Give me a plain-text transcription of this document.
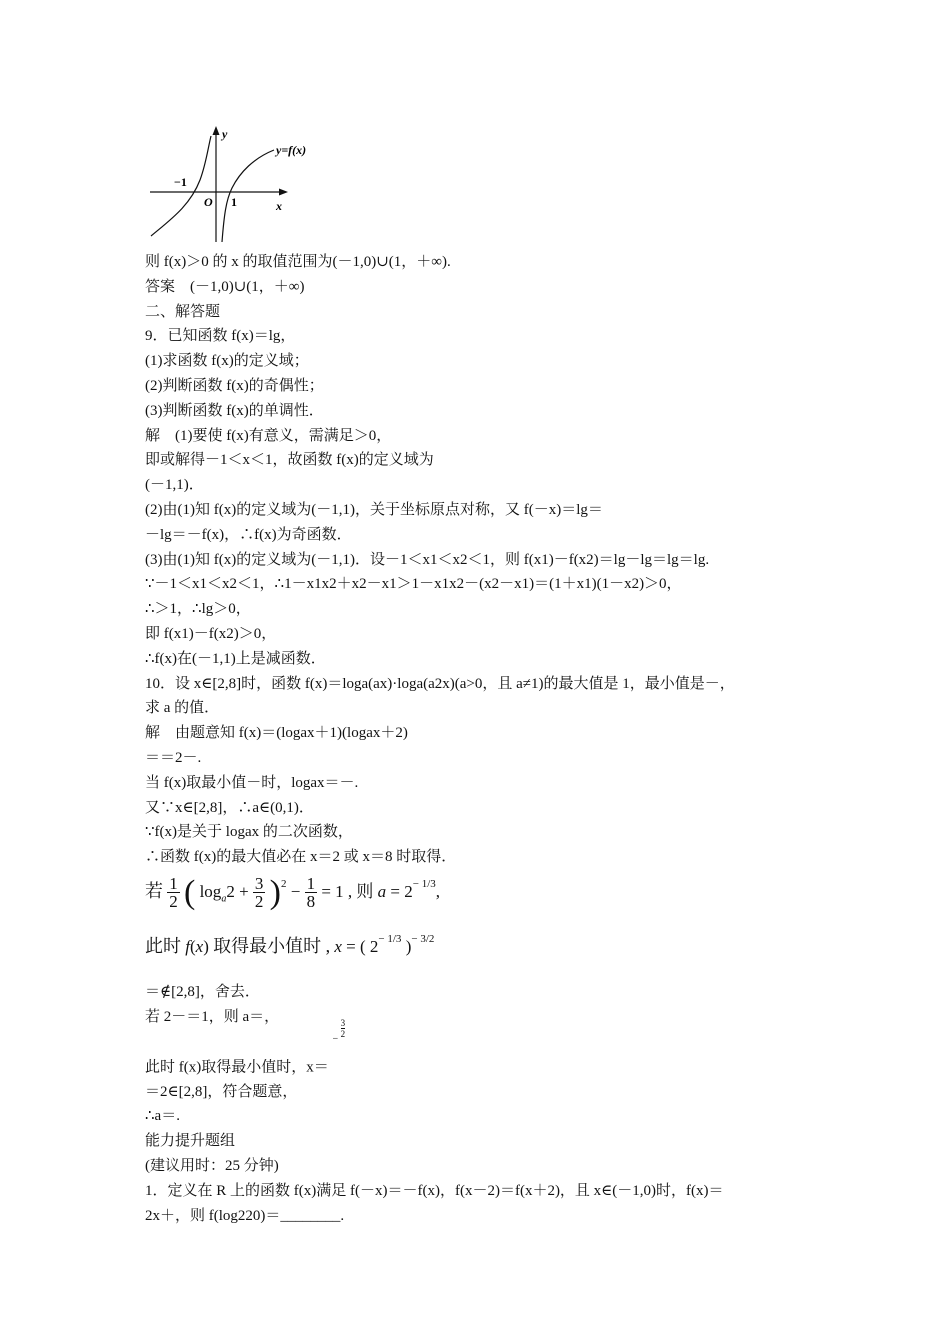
y
x
O
−1
1
y=f(x)
则 f(x)＞0 的 x 的取值范围为(－1,0)∪(1，＋∞).
答案　(－1,0)∪(1，＋∞)
二、解答题
9．已知函数 f(x)＝lg，
(1)求函数 f(x)的定义域；
(2)判断函数 f(x)的奇偶性；
(3)判断函数 f(x)的单调性．
解　(1)要使 f(x)有意义，需满足＞0，
即或解得－1＜x＜1，故函数 f(x)的定义域为
(－1,1)．
(2)由(1)知 f(x)的定义域为(－1,1)，关于坐标原点对称，又 f(－x)＝lg＝
－lg＝－f(x)，∴f(x)为奇函数．
(3)由(1)知 f(x)的定义域为(－1,1)．设－1＜x1＜x2＜1，则 f(x1)－f(x2)＝lg－lg＝lg＝lg.
∵－1＜x1＜x2＜1，∴1－x1x2＋x2－x1＞1－x1x2－(x2－x1)＝(1＋x1)(1－x2)＞0，
∴＞1，∴lg＞0，
即 f(x1)－f(x2)＞0，
∴f(x)在(－1,1)上是减函数．
10．设 x∈[2,8]时，函数 f(x)＝loga(ax)·loga(a2x)(a>0，且 a≠1)的最大值是 1，最小值是－，
求 a 的值．
解　由题意知 f(x)＝(logax＋1)(logax＋2)
＝＝2－.
当 f(x)取最小值－时，logax＝－.
又∵x∈[2,8]，∴a∈(0,1)．
∵f(x)是关于 logax 的二次函数，
∴函数 f(x)的最大值必在 x＝2 或 x＝8 时取得．
若 $\frac{1}{2}$ ( $\log_a2 + \frac{3}{2} )^2 - \frac{1}{8} = 1$ , 则 $a = 2^{- 1/3}$,
此时 f(x) 取得最小值时 , x = ( $2^{- 1/3}$ )$^{- 3/2}$
＝∉[2,8]，舍去．
若 2－＝1，则 a＝，
此时 f(x)取得最小值时，$x= - \frac{3}{2}$
＝2∈[2,8]，符合题意，
∴a＝.
能力提升题组
(建议用时：25 分钟)
1．定义在 R 上的函数 f(x)满足 f(－x)＝－f(x)，f(x－2)＝f(x＋2)，且 x∈(－1,0)时，f(x)＝
2x＋，则 f(log220)＝________.
